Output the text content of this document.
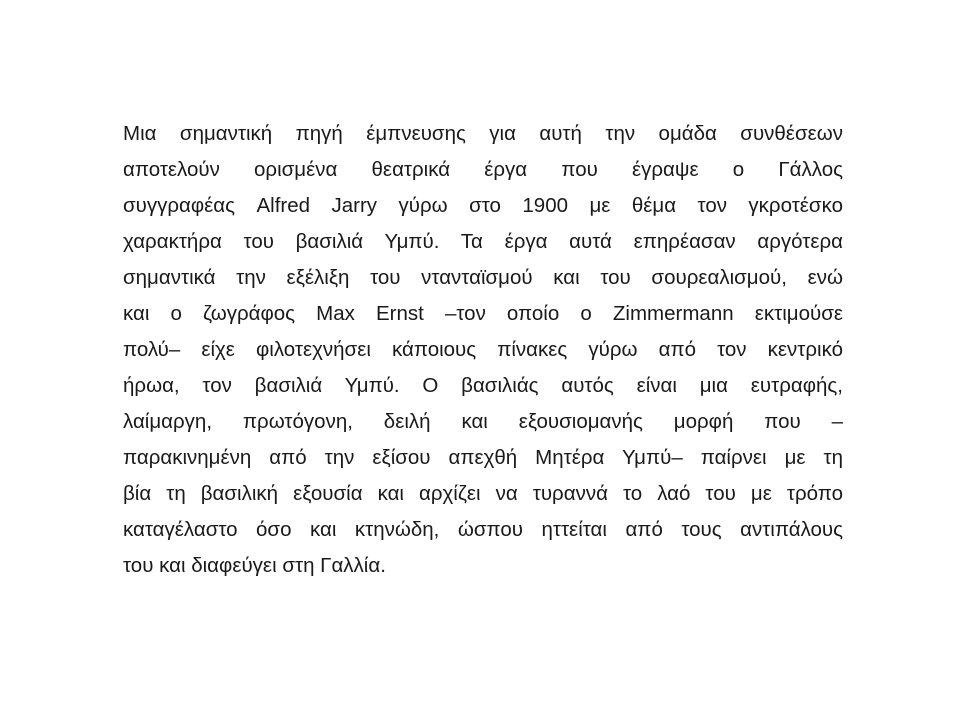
Μια σημαντική πηγή έμπνευσης για αυτή την ομάδα συνθέσεων
αποτελούν ορισμένα θεατρικά έργα που έγραψε ο Γάλλος
συγγραφέας Alfred Jarry γύρω στο 1900 με θέμα τον γκροτέσκο
χαρακτήρα του βασιλιά Υμπύ. Τα έργα αυτά επηρέασαν αργότερα
σημαντικά την εξέλιξη του ντανταϊσμού και του σουρεαλισμού, ενώ
και ο ζωγράφος Max Ernst –τον οποίο ο Zimmermann εκτιμούσε
πολύ– είχε φιλοτεχνήσει κάποιους πίνακες γύρω από τον κεντρικό
ήρωα, τον βασιλιά Υμπύ. Ο βασιλιάς αυτός είναι μια ευτραφής,
λαίμαργη, πρωτόγονη, δειλή και εξουσιομανής μορφή που –
παρακινημένη από την εξίσου απεχθή Μητέρα Υμπύ– παίρνει με τη
βία τη βασιλική εξουσία και αρχίζει να τυραννά το λαό του με τρόπο
καταγέλαστο όσο και κτηνώδη, ώσπου ηττείται από τους αντιπάλους
του και διαφεύγει στη Γαλλία.
